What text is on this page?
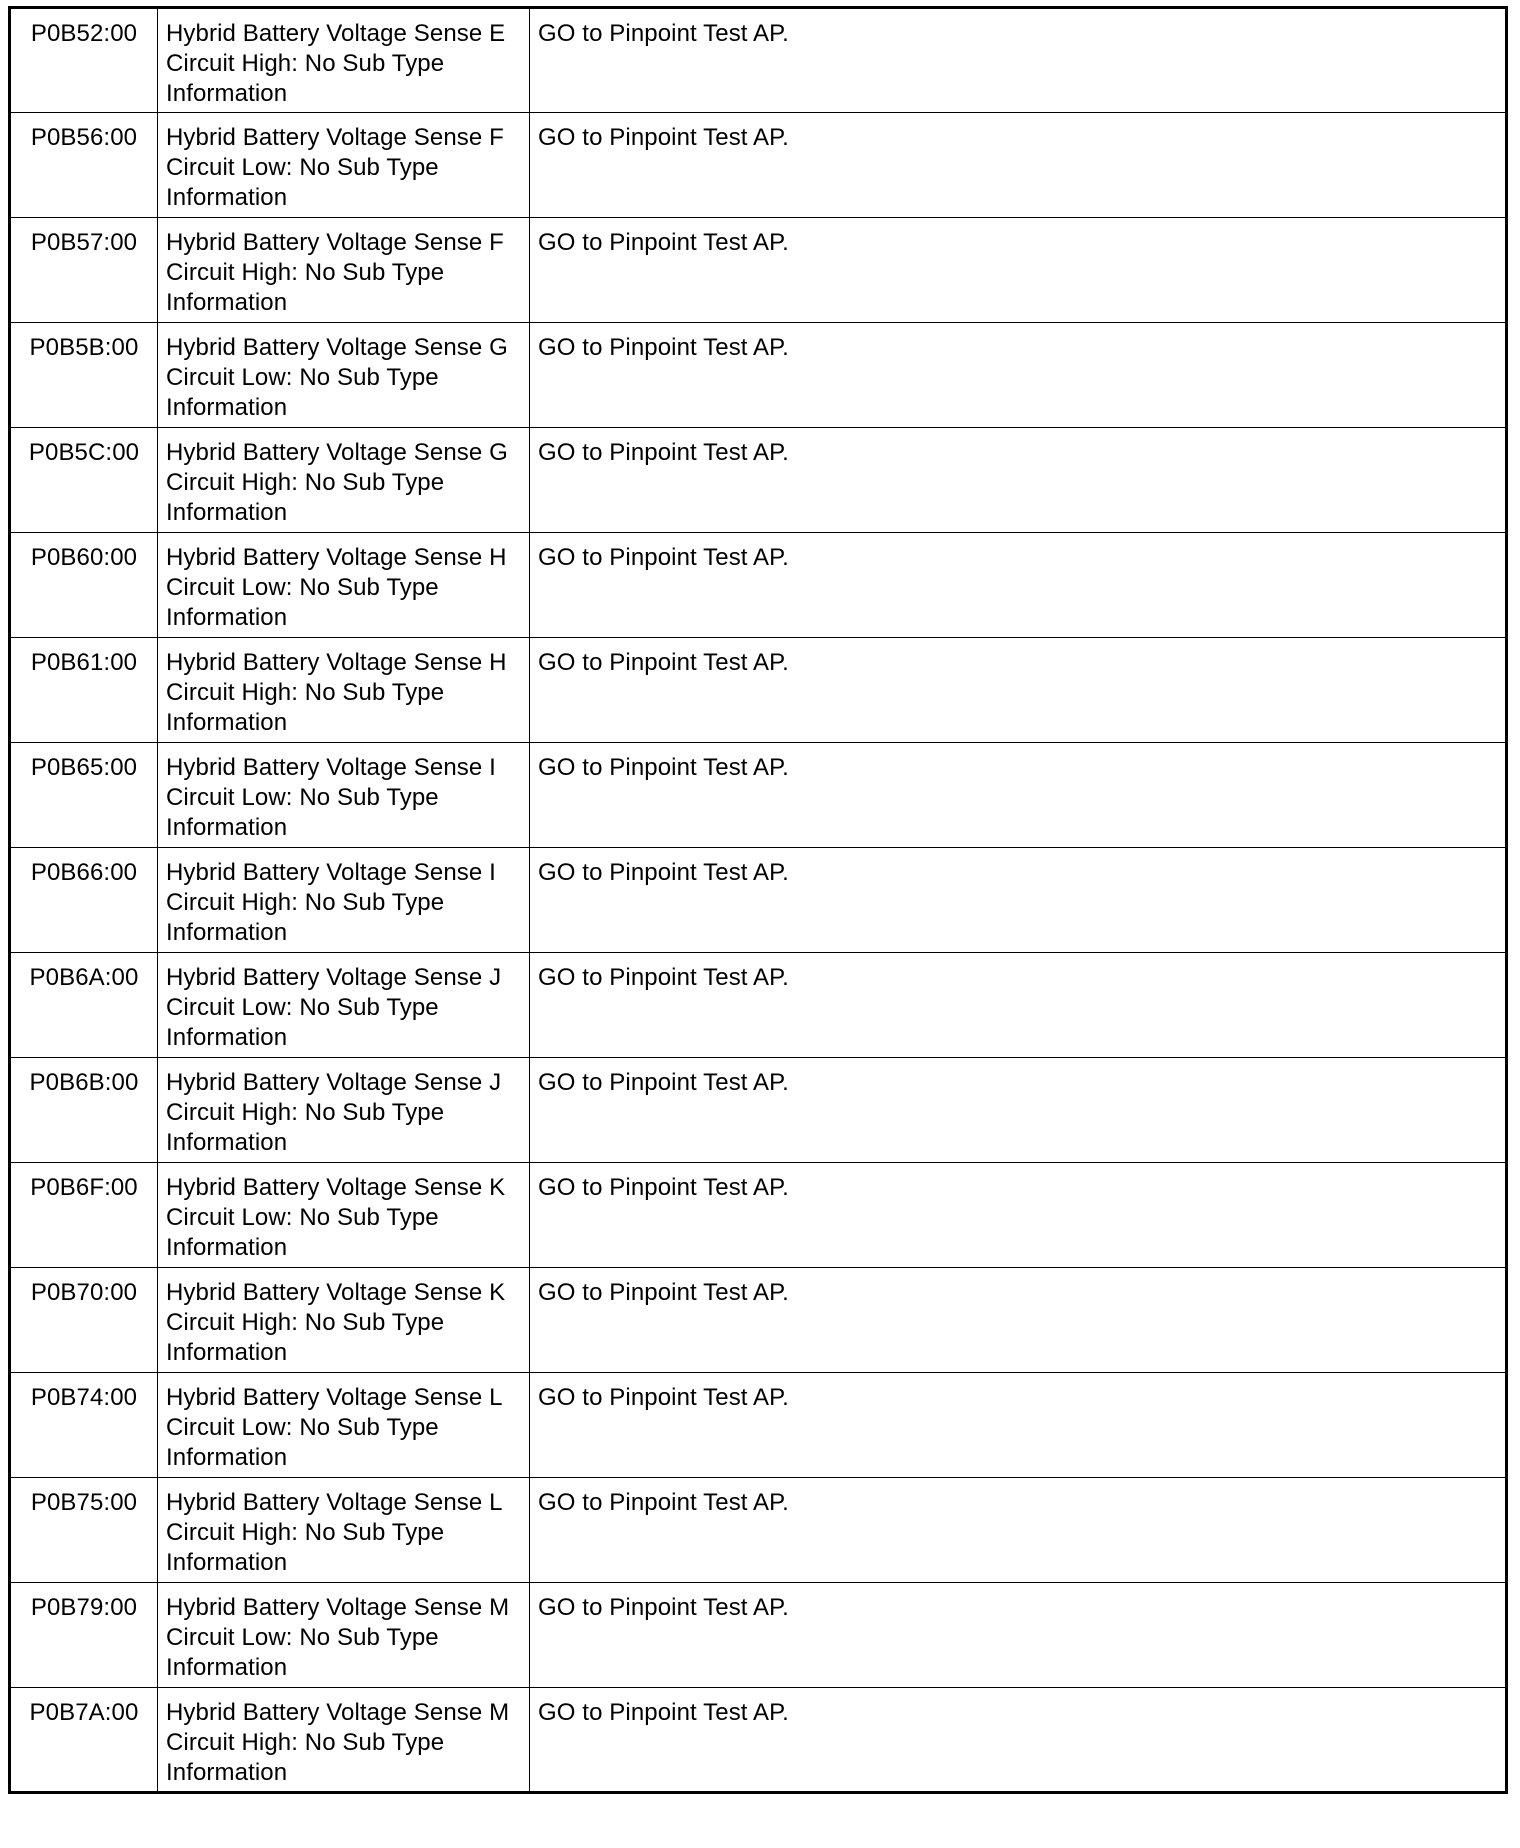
P0B52:00	Hybrid Battery Voltage Sense E Circuit High: No Sub Type Information	GO to Pinpoint Test AP.
P0B56:00	Hybrid Battery Voltage Sense F Circuit Low: No Sub Type Information	GO to Pinpoint Test AP.
P0B57:00	Hybrid Battery Voltage Sense F Circuit High: No Sub Type Information	GO to Pinpoint Test AP.
P0B5B:00	Hybrid Battery Voltage Sense G Circuit Low: No Sub Type Information	GO to Pinpoint Test AP.
P0B5C:00	Hybrid Battery Voltage Sense G Circuit High: No Sub Type Information	GO to Pinpoint Test AP.
P0B60:00	Hybrid Battery Voltage Sense H Circuit Low: No Sub Type Information	GO to Pinpoint Test AP.
P0B61:00	Hybrid Battery Voltage Sense H Circuit High: No Sub Type Information	GO to Pinpoint Test AP.
P0B65:00	Hybrid Battery Voltage Sense I Circuit Low: No Sub Type Information	GO to Pinpoint Test AP.
P0B66:00	Hybrid Battery Voltage Sense I Circuit High: No Sub Type Information	GO to Pinpoint Test AP.
P0B6A:00	Hybrid Battery Voltage Sense J Circuit Low: No Sub Type Information	GO to Pinpoint Test AP.
P0B6B:00	Hybrid Battery Voltage Sense J Circuit High: No Sub Type Information	GO to Pinpoint Test AP.
P0B6F:00	Hybrid Battery Voltage Sense K Circuit Low: No Sub Type Information	GO to Pinpoint Test AP.
P0B70:00	Hybrid Battery Voltage Sense K Circuit High: No Sub Type Information	GO to Pinpoint Test AP.
P0B74:00	Hybrid Battery Voltage Sense L Circuit Low: No Sub Type Information	GO to Pinpoint Test AP.
P0B75:00	Hybrid Battery Voltage Sense L Circuit High: No Sub Type Information	GO to Pinpoint Test AP.
P0B79:00	Hybrid Battery Voltage Sense M Circuit Low: No Sub Type Information	GO to Pinpoint Test AP.
P0B7A:00	Hybrid Battery Voltage Sense M Circuit High: No Sub Type Information	GO to Pinpoint Test AP.
